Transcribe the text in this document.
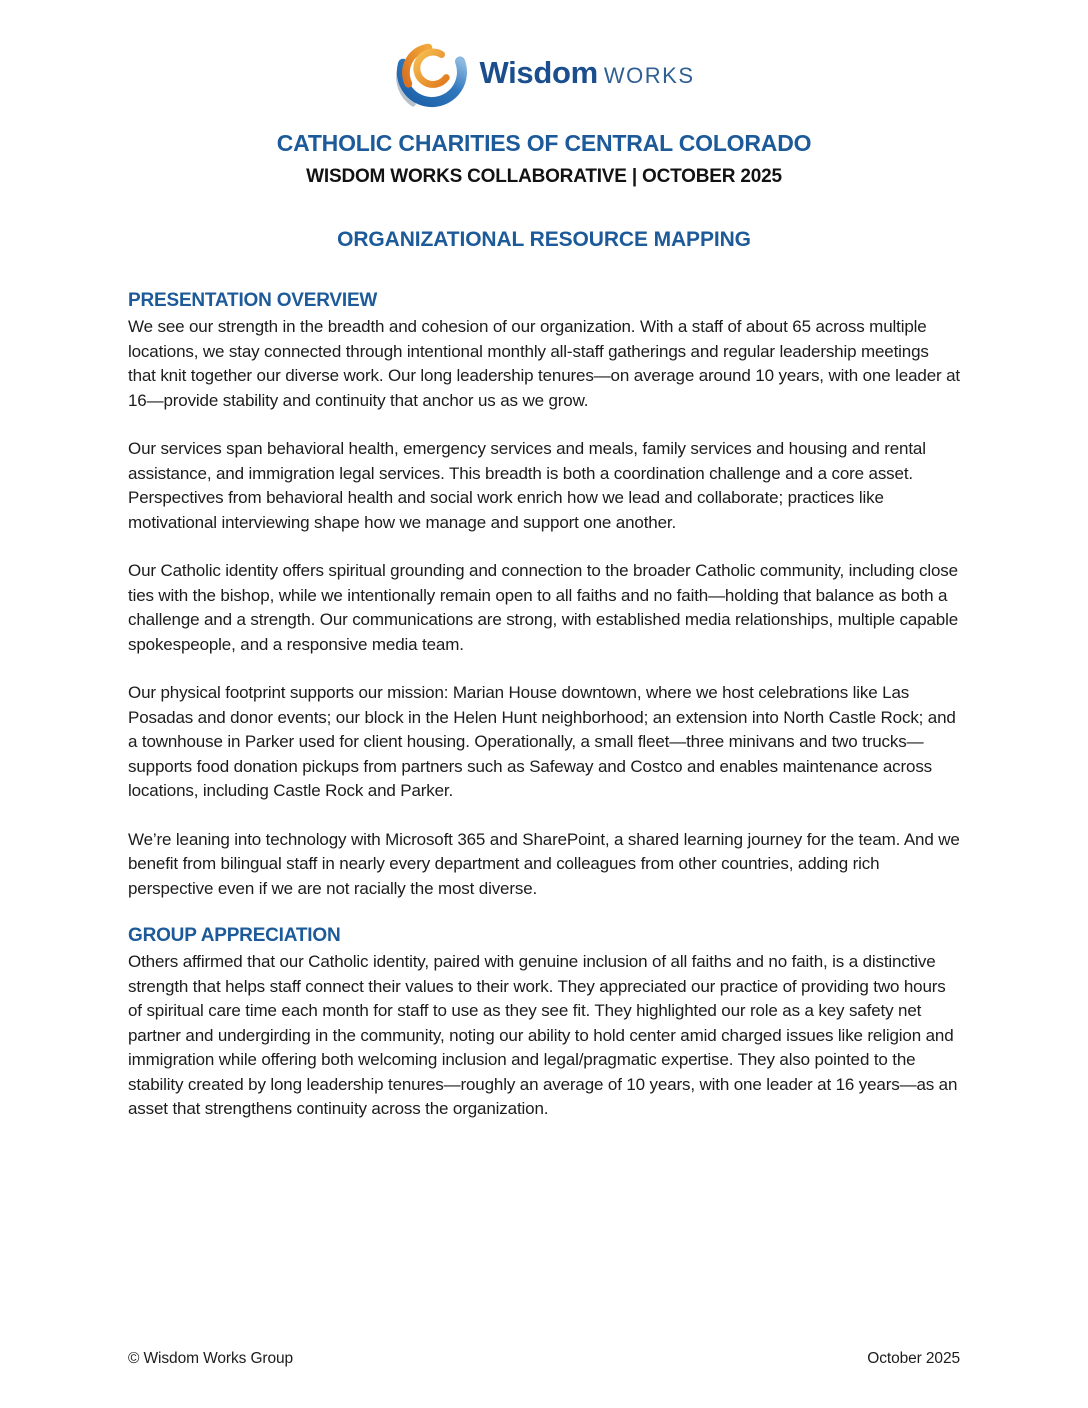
Wisdom works
CATHOLIC CHARITIES OF CENTRAL COLORADO
WISDOM WORKS COLLABORATIVE | OCTOBER 2025
ORGANIZATIONAL RESOURCE MAPPING
PRESENTATION OVERVIEW

We see our strength in the breadth and cohesion of our organization. With a staff of about 65 across multiple locations, we stay connected through intentional monthly all-staff gatherings and regular leadership meetings that knit together our diverse work. Our long leadership tenures—on average around 10 years, with one leader at 16—provide stability and continuity that anchor us as we grow.

Our services span behavioral health, emergency services and meals, family services and housing and rental assistance, and immigration legal services. This breadth is both a coordination challenge and a core asset. Perspectives from behavioral health and social work enrich how we lead and collaborate; practices like motivational interviewing shape how we manage and support one another.

Our Catholic identity offers spiritual grounding and connection to the broader Catholic community, including close ties with the bishop, while we intentionally remain open to all faiths and no faith—holding that balance as both a challenge and a strength. Our communications are strong, with established media relationships, multiple capable spokespeople, and a responsive media team.

Our physical footprint supports our mission: Marian House downtown, where we host celebrations like Las Posadas and donor events; our block in the Helen Hunt neighborhood; an extension into North Castle Rock; and a townhouse in Parker used for client housing. Operationally, a small fleet—three minivans and two trucks—supports food donation pickups from partners such as Safeway and Costco and enables maintenance across locations, including Castle Rock and Parker.

We’re leaning into technology with Microsoft 365 and SharePoint, a shared learning journey for the team. And we benefit from bilingual staff in nearly every department and colleagues from other countries, adding rich perspective even if we are not racially the most diverse.

GROUP APPRECIATION

Others affirmed that our Catholic identity, paired with genuine inclusion of all faiths and no faith, is a distinctive strength that helps staff connect their values to their work. They appreciated our practice of providing two hours of spiritual care time each month for staff to use as they see fit. They highlighted our role as a key safety net partner and undergirding in the community, noting our ability to hold center amid charged issues like religion and immigration while offering both welcoming inclusion and legal/pragmatic expertise. They also pointed to the stability created by long leadership tenures—roughly an average of 10 years, with one leader at 16 years—as an asset that strengthens continuity across the organization.

© Wisdom Works Group	October 2025
